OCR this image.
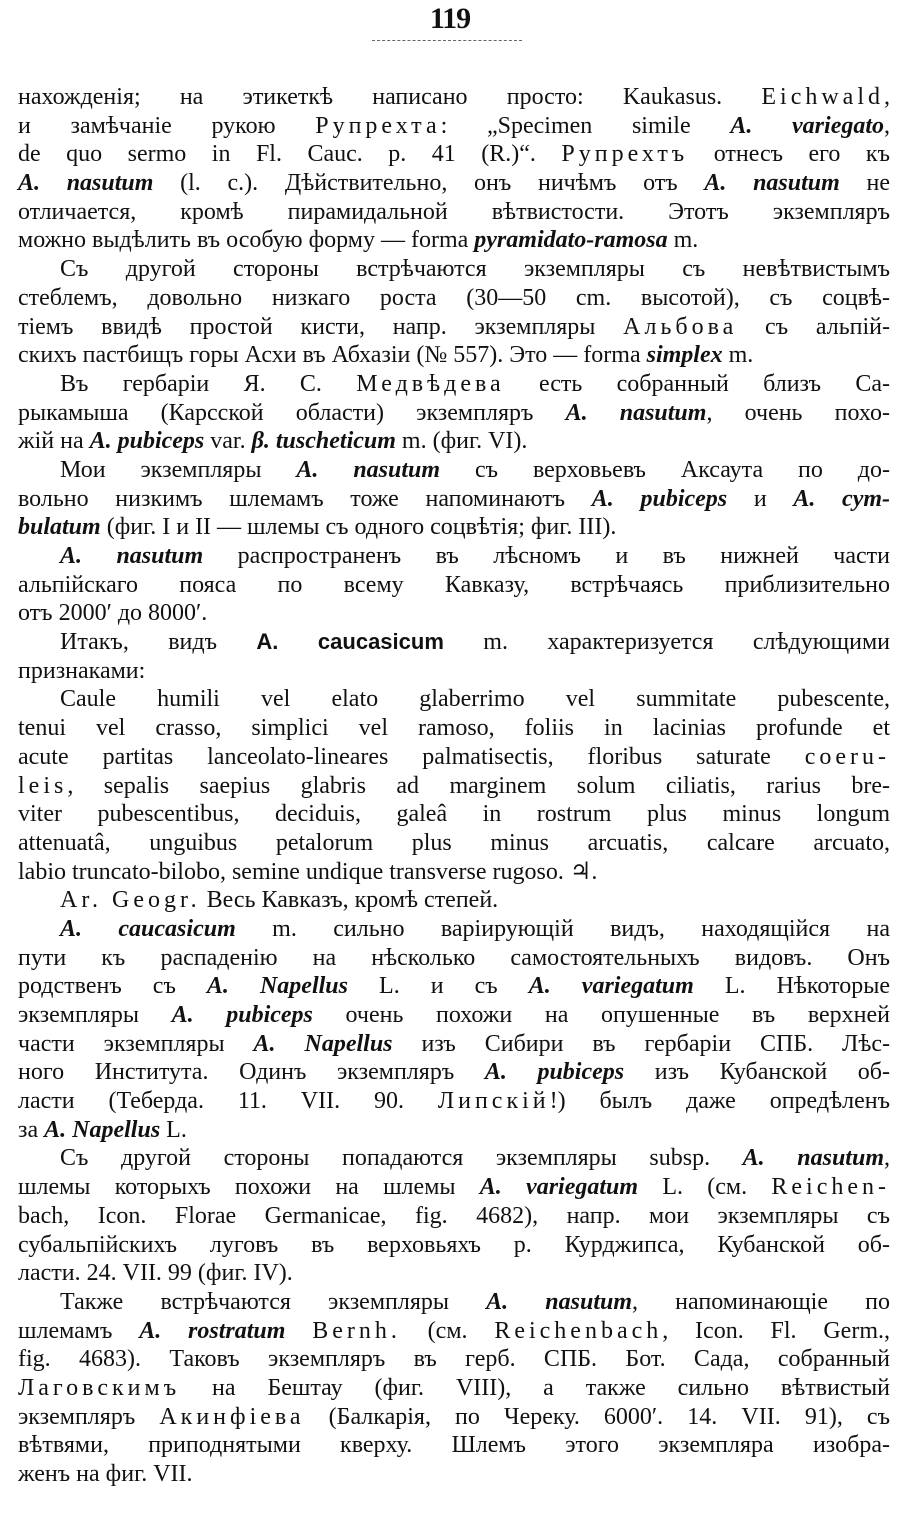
119
нахожденія; на этикеткѣ написано просто: Kaukasus. Eichwald,
и замѣчаніе рукою Рупрехта: „Specimen simile A. variegato,
de quo sermo in Fl. Cauc. p. 41 (R.)“. Рупрехтъ отнесъ его къ
A. nasutum (l. c.). Дѣйствительно, онъ ничѣмъ отъ A. nasutum не
отличается, кромѣ пирамидальной вѣтвистости. Этотъ экземпляръ
можно выдѣлить въ особую форму — forma pyramidato-ramosa m.
Съ другой стороны встрѣчаются экземпляры съ невѣтвистымъ
стеблемъ, довольно низкаго роста (30—50 cm. высотой), съ соцвѣ-
тіемъ ввидѣ простой кисти, напр. экземпляры Альбова съ альпій-
скихъ пастбищъ горы Асхи въ Абхазіи (№ 557). Это — forma simplex m.
Въ гербаріи Я. С. Медвѣдева есть собранный близъ Са-
рыкамыша (Карсской области) экземпляръ A. nasutum, очень похо-
жій на A. pubiceps var. β. tuscheticum m. (фиг. VI).
Мои экземпляры A. nasutum съ верховьевъ Аксаута по до-
вольно низкимъ шлемамъ тоже напоминаютъ A. pubiceps и A. cym-
bulatum (фиг. I и II — шлемы съ одного соцвѣтія; фиг. III).
A. nasutum распространенъ въ лѣсномъ и въ нижней части
альпійскаго пояса по всему Кавказу, встрѣчаясь приблизительно
отъ 2000′ до 8000′.
Итакъ, видъ A. caucasicum m. характеризуется слѣдующими
признаками:
Caule humili vel elato glaberrimo vel summitate pubescente,
tenui vel crasso, simplici vel ramoso, foliis in lacinias profunde et
acute partitas lanceolato-lineares palmatisectis, floribus saturate coeru-
leis, sepalis saepius glabris ad marginem solum ciliatis, rarius bre-
viter pubescentibus, deciduis, galeâ in rostrum plus minus longum
attenuatâ, unguibus petalorum plus minus arcuatis, calcare arcuato,
labio truncato-bilobo, semine undique transverse rugoso. ♃.
Ar. Geogr. Весь Кавказъ, кромѣ степей.
A. caucasicum m. сильно варіирующій видъ, находящійся на
пути къ распаденію на нѣсколько самостоятельныхъ видовъ. Онъ
родственъ съ A. Napellus L. и съ A. variegatum L. Нѣкоторые
экземпляры A. pubiceps очень похожи на опушенные въ верхней
части экземпляры A. Napellus изъ Сибири въ гербаріи СПБ. Лѣс-
ного Института. Одинъ экземпляръ A. pubiceps изъ Кубанской об-
ласти (Теберда. 11. VII. 90. Липскій!) былъ даже опредѣленъ
за A. Napellus L.
Съ другой стороны попадаются экземпляры subsp. A. nasutum,
шлемы которыхъ похожи на шлемы A. variegatum L. (см. Reichen-
bach, Icon. Florae Germanicae, fig. 4682), напр. мои экземпляры съ
субальпійскихъ луговъ въ верховьяхъ р. Курджипса, Кубанской об-
ласти. 24. VII. 99 (фиг. IV).
Также встрѣчаются экземпляры A. nasutum, напоминающіе по
шлемамъ A. rostratum Bernh. (см. Reichenbach, Icon. Fl. Germ.,
fig. 4683). Таковъ экземпляръ въ герб. СПБ. Бот. Сада, собранный
Лаговскимъ на Бештау (фиг. VIII), а также сильно вѣтвистый
экземпляръ Акинфіева (Балкарія, по Череку. 6000′. 14. VII. 91), съ
вѣтвями, приподнятыми кверху. Шлемъ этого экземпляра изобра-
женъ на фиг. VII.
